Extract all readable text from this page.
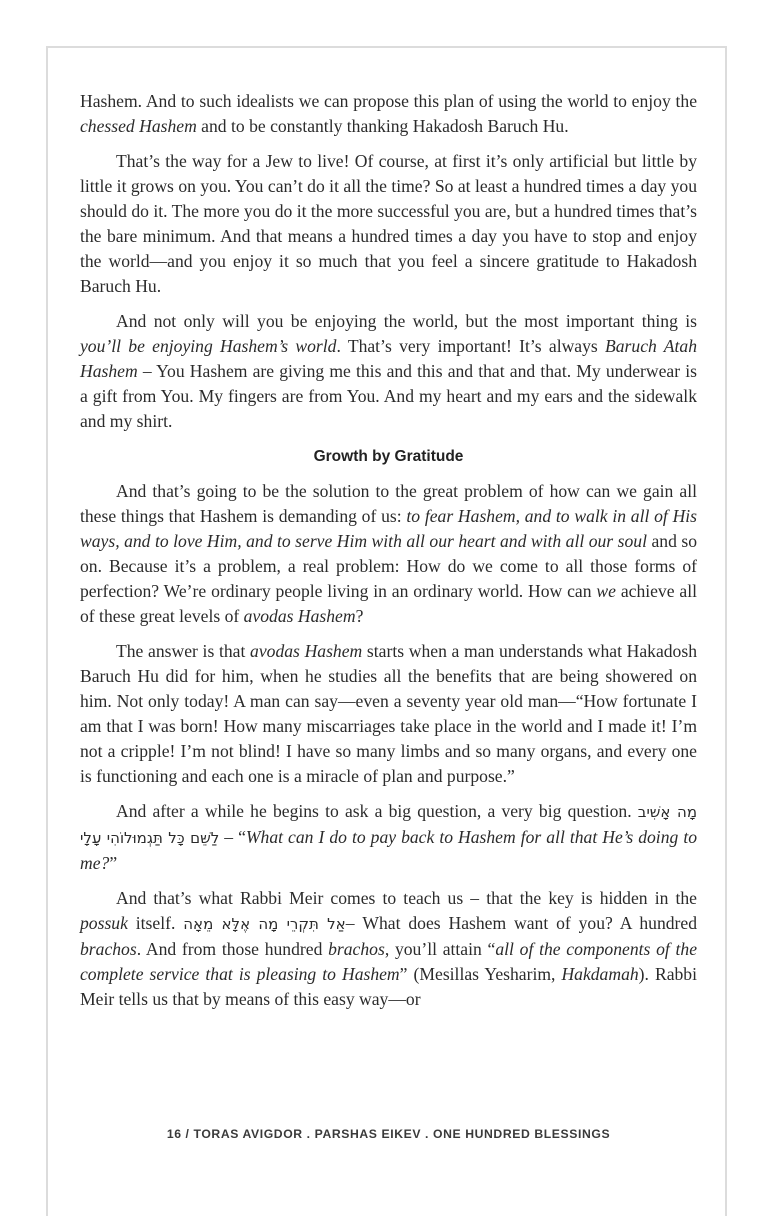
Hashem. And to such idealists we can propose this plan of using the world to enjoy the chessed Hashem and to be constantly thanking Hakadosh Baruch Hu.

That’s the way for a Jew to live! Of course, at first it’s only artificial but little by little it grows on you. You can’t do it all the time? So at least a hundred times a day you should do it. The more you do it the more successful you are, but a hundred times that’s the bare minimum. And that means a hundred times a day you have to stop and enjoy the world—and you enjoy it so much that you feel a sincere gratitude to Hakadosh Baruch Hu.

And not only will you be enjoying the world, but the most important thing is you’ll be enjoying Hashem’s world. That’s very important! It’s always Baruch Atah Hashem – You Hashem are giving me this and this and that and that. My underwear is a gift from You. My fingers are from You. And my heart and my ears and the sidewalk and my shirt.

Growth by Gratitude

And that’s going to be the solution to the great problem of how can we gain all these things that Hashem is demanding of us: to fear Hashem, and to walk in all of His ways, and to love Him, and to serve Him with all our heart and with all our soul and so on. Because it’s a problem, a real problem: How do we come to all those forms of perfection? We’re ordinary people living in an ordinary world. How can we achieve all of these great levels of avodas Hashem?

The answer is that avodas Hashem starts when a man understands what Hakadosh Baruch Hu did for him, when he studies all the benefits that are being showered on him. Not only today! A man can say—even a seventy year old man—“How fortunate I am that I was born! How many miscarriages take place in the world and I made it! I’m not a cripple! I’m not blind! I have so many limbs and so many organs, and every one is functioning and each one is a miracle of plan and purpose.”

And after a while he begins to ask a big question, a very big question. מָה אָשִׁיב לַשֵּׁם כָּל תַּגְמוּלוֹהִי עָלָי – “What can I do to pay back to Hashem for all that He’s doing to me?”

And that’s what Rabbi Meir comes to teach us – that the key is hidden in the possuk itself. אַל תִּקְרֵי מָה אֶלָּא מֵאָה– What does Hashem want of you? A hundred brachos. And from those hundred brachos, you’ll attain “all of the components of the complete service that is pleasing to Hashem” (Mesillas Yesharim, Hakdamah). Rabbi Meir tells us that by means of this easy way—or

16 / TORAS AVIGDOR . PARSHAS EIKEV . ONE HUNDRED BLESSINGS
